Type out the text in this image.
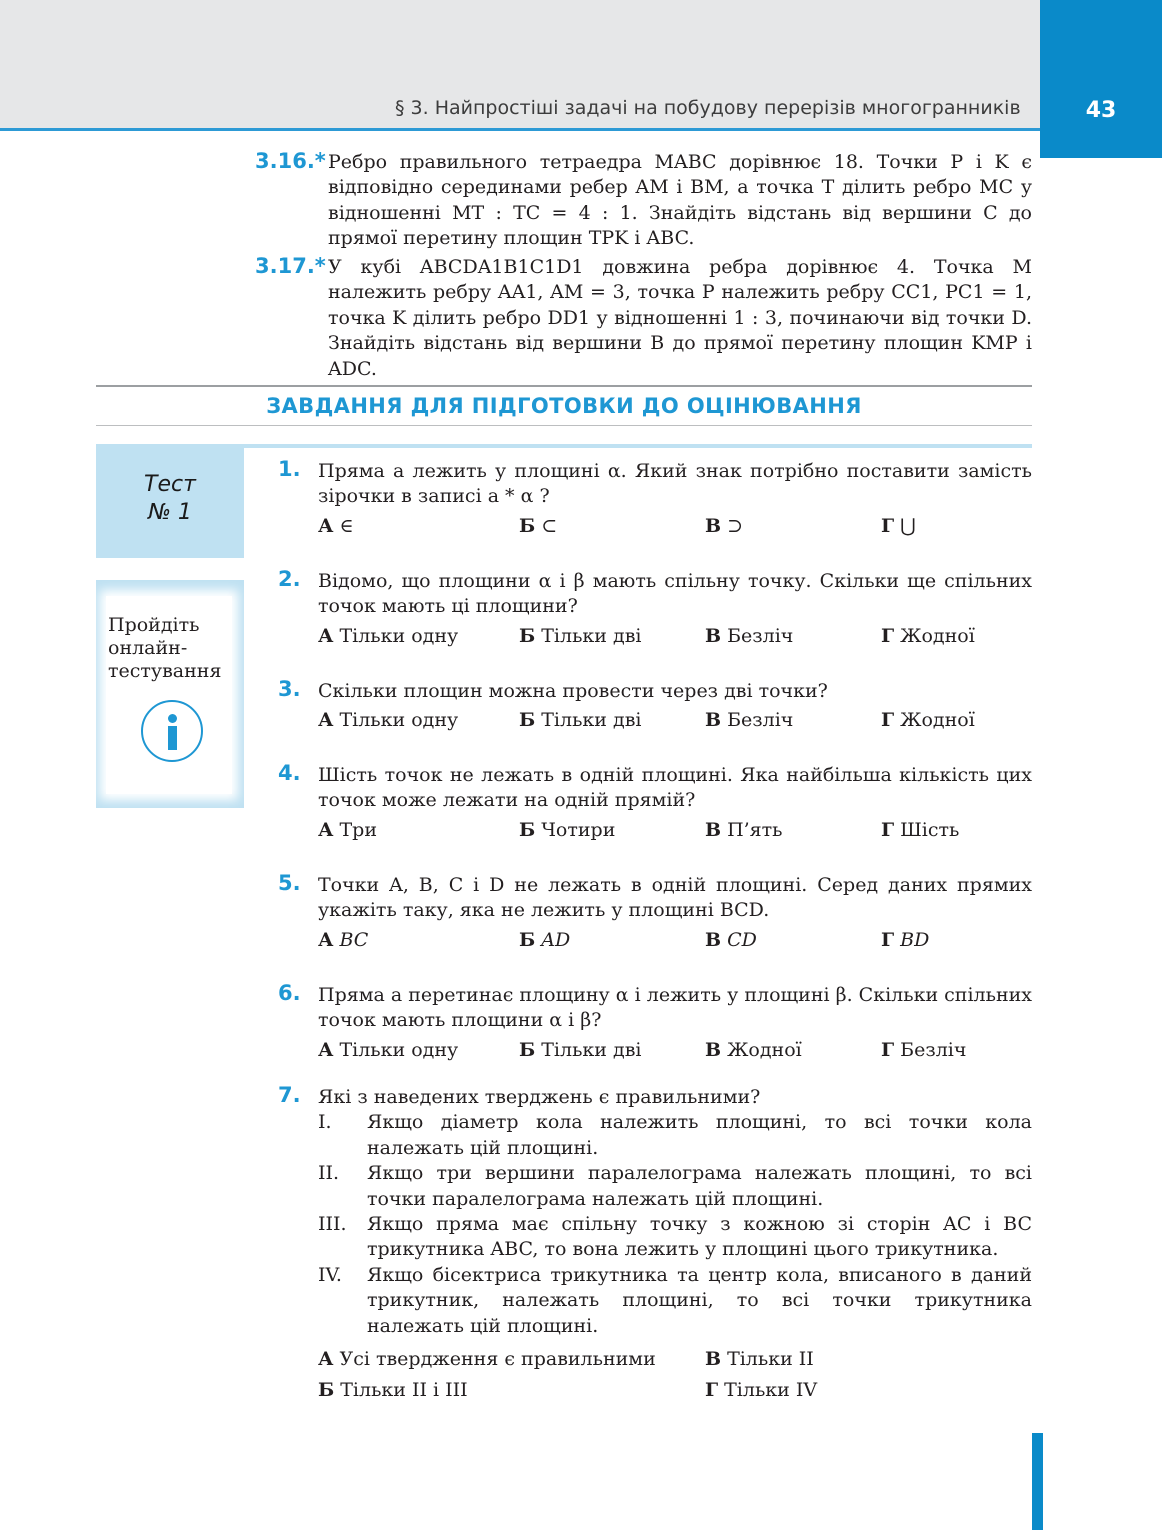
§ 3. Найпростіші задачі на побудову перерізів многогранників	43
3.16.* Ребро правильного тетраедра MABC дорівнює 18. Точки P і K є відповідно серединами ребер AM і BM, а точка T ділить ребро MC у відношенні MT : TC = 4 : 1. Знайдіть відстань від вершини C до прямої перетину площин TPK і ABC.
3.17.* У кубі ABCDA1B1C1D1 довжина ребра дорівнює 4. Точка M належить ребру AA1, AM = 3, точка P належить ребру CC1, PC1 = 1, точка K ділить ребро DD1 у відношенні 1 : 3, починаючи від точки D. Знайдіть відстань від вершини B до прямої перетину площин KMP і ADC.
ЗАВДАННЯ ДЛЯ ПІДГОТОВКИ ДО ОЦІНЮВАННЯ
Тест
№ 1
Пройдіть
онлайн-
тестування
1. Пряма a лежить у площині α. Який знак потрібно поставити замість зірочки в записі a * α ?
А ∈	Б ⊂	В ⊃	Г ⋃
2. Відомо, що площини α і β мають спільну точку. Скільки ще спільних точок мають ці площини?
А Тільки одну	Б Тільки дві	В Безліч	Г Жодної
3. Скільки площин можна провести через дві точки?
А Тільки одну	Б Тільки дві	В Безліч	Г Жодної
4. Шість точок не лежать в одній площині. Яка найбільша кількість цих точок може лежати на одній прямій?
А Три	Б Чотири	В П’ять	Г Шість
5. Точки A, B, C і D не лежать в одній площині. Серед даних прямих укажіть таку, яка не лежить у площині BCD.
А BC	Б AD	В CD	Г BD
6. Пряма a перетинає площину α і лежить у площині β. Скільки спільних точок мають площини α і β?
А Тільки одну	Б Тільки дві	В Жодної	Г Безліч
7. Які з наведених тверджень є правильними?
I. Якщо діаметр кола належить площині, то всі точки кола належать цій площині.
II. Якщо три вершини паралелограма належать площині, то всі точки паралелограма належать цій площині.
III. Якщо пряма має спільну точку з кожною зі сторін AC і BC трикутника ABC, то вона лежить у площині цього трикутника.
IV. Якщо бісектриса трикутника та центр кола, вписаного в даний трикутник, належать площині, то всі точки трикутника належать цій площині.
А Усі твердження є правильними
Б Тільки II і III
В Тільки II
Г Тільки IV
